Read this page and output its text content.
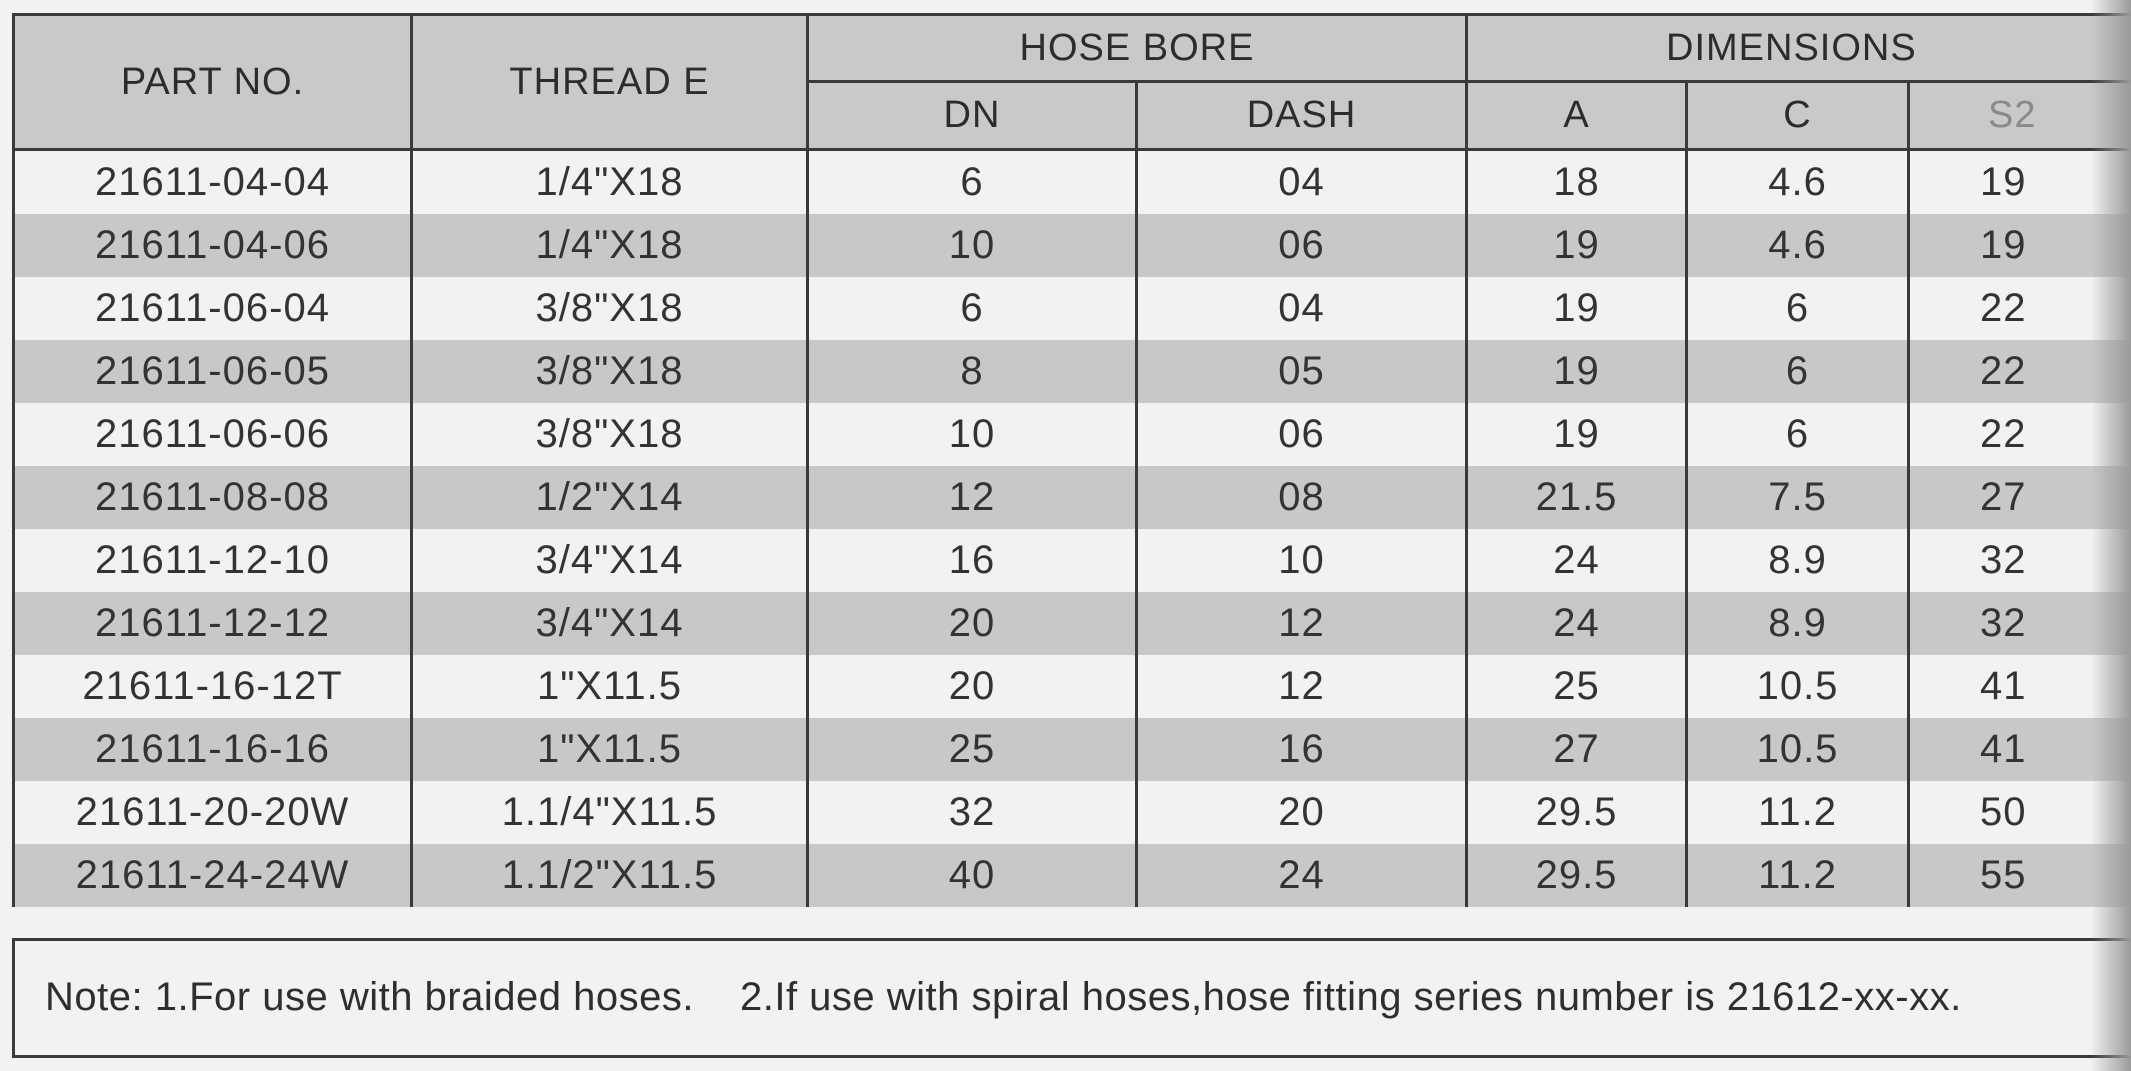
PART NO.	THREAD E	HOSE BORE		DIMENSIONS		
		DN	DASH	A	C	S2
21611-04-04	1/4"X18	6	04	18	4.6	19
21611-04-06	1/4"X18	10	06	19	4.6	19
21611-06-04	3/8"X18	6	04	19	6	22
21611-06-05	3/8"X18	8	05	19	6	22
21611-06-06	3/8"X18	10	06	19	6	22
21611-08-08	1/2"X14	12	08	21.5	7.5	27
21611-12-10	3/4"X14	16	10	24	8.9	32
21611-12-12	3/4"X14	20	12	24	8.9	32
21611-16-12T	1"X11.5	20	12	25	10.5	41
21611-16-16	1"X11.5	25	16	27	10.5	41
21611-20-20W	1.1/4"X11.5	32	20	29.5	11.2	50
21611-24-24W	1.1/2"X11.5	40	24	29.5	11.2	55
Note: 1.For use with braided hoses. 2.If use with spiral hoses,hose fitting series number is 21612-xx-xx.
